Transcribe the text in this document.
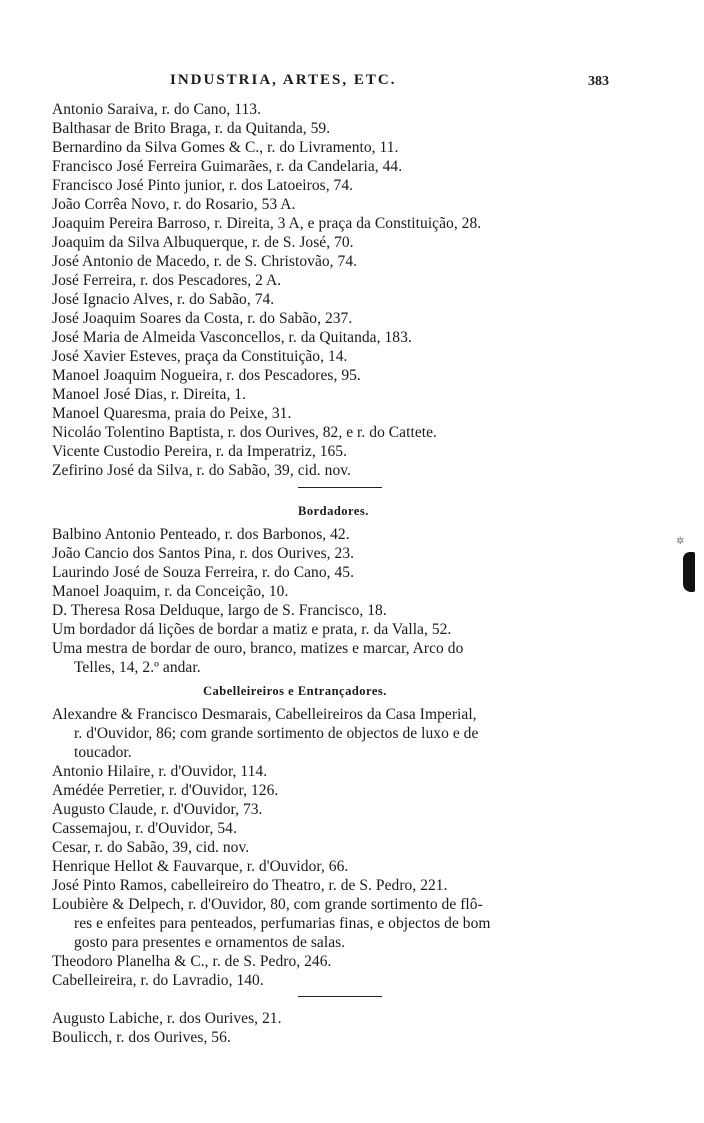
INDUSTRIA, ARTES, ETC.	383
Antonio Saraiva, r. do Cano, 113.
Balthasar de Brito Braga, r. da Quitanda, 59.
Bernardino da Silva Gomes & C., r. do Livramento, 11.
Francisco José Ferreira Guimarães, r. da Candelaria, 44.
Francisco José Pinto junior, r. dos Latoeiros, 74.
João Corrêa Novo, r. do Rosario, 53 A.
Joaquim Pereira Barroso, r. Direita, 3 A, e praça da Constituição, 28.
Joaquim da Silva Albuquerque, r. de S. José, 70.
José Antonio de Macedo, r. de S. Christovão, 74.
José Ferreira, r. dos Pescadores, 2 A.
José Ignacio Alves, r. do Sabão, 74.
José Joaquim Soares da Costa, r. do Sabão, 237.
José Maria de Almeida Vasconcellos, r. da Quitanda, 183.
José Xavier Esteves, praça da Constituição, 14.
Manoel Joaquim Nogueira, r. dos Pescadores, 95.
Manoel José Dias, r. Direita, 1.
Manoel Quaresma, praia do Peixe, 31.
Nicoláo Tolentino Baptista, r. dos Ourives, 82, e r. do Cattete.
Vicente Custodio Pereira, r. da Imperatriz, 165.
Zefirino José da Silva, r. do Sabão, 39, cid. nov.
Bordadores.
Balbino Antonio Penteado, r. dos Barbonos, 42.
João Cancio dos Santos Pina, r. dos Ourives, 23.
Laurindo José de Souza Ferreira, r. do Cano, 45.
Manoel Joaquim, r. da Conceição, 10.
D. Theresa Rosa Delduque, largo de S. Francisco, 18.
Um bordador dá lições de bordar a matiz e prata, r. da Valla, 52.
Uma mestra de bordar de ouro, branco, matizes e marcar, Arco do
Telles, 14, 2.º andar.
Cabelleireiros e Entrançadores.
Alexandre & Francisco Desmarais, Cabelleireiros da Casa Imperial,
r. d'Ouvidor, 86; com grande sortimento de objectos de luxo e de
toucador.
Antonio Hilaire, r. d'Ouvidor, 114.
Amédée Perretier, r. d'Ouvidor, 126.
Augusto Claude, r. d'Ouvidor, 73.
Cassemajou, r. d'Ouvidor, 54.
Cesar, r. do Sabão, 39, cid. nov.
Henrique Hellot & Fauvarque, r. d'Ouvidor, 66.
José Pinto Ramos, cabelleireiro do Theatro, r. de S. Pedro, 221.
Loubière & Delpech, r. d'Ouvidor, 80, com grande sortimento de flô-
res e enfeites para penteados, perfumarias finas, e objectos de bom
gosto para presentes e ornamentos de salas.
Theodoro Planelha & C., r. de S. Pedro, 246.
Cabelleireira, r. do Lavradio, 140.
Augusto Labiche, r. dos Ourives, 21.
Boulicch, r. dos Ourives, 56.
✲
